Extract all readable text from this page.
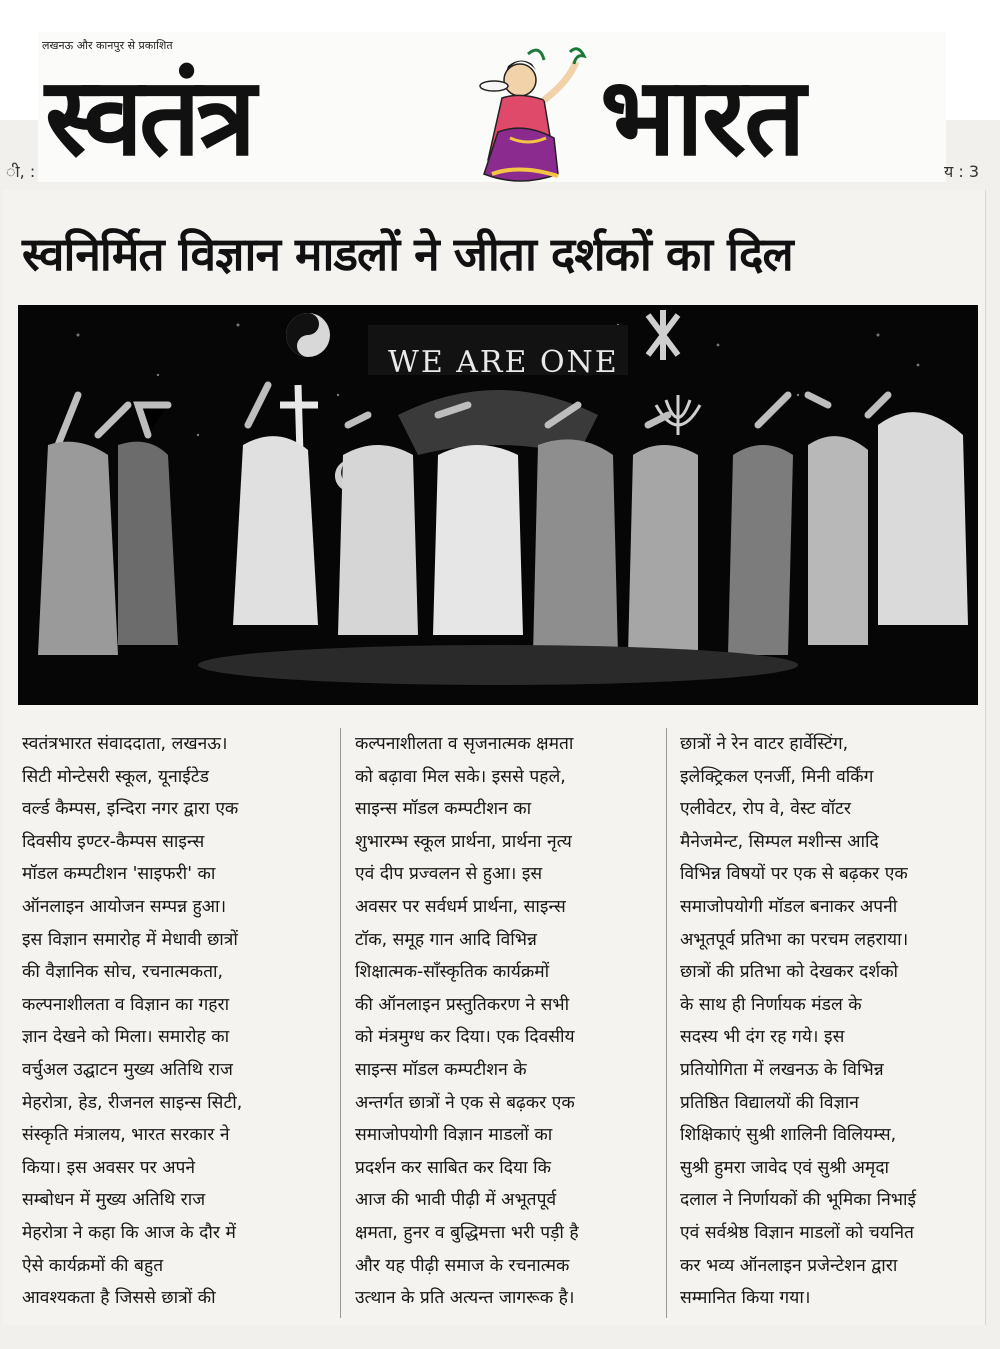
लखनऊ और कानपुर से प्रकाशित
स्वतंत्र	भारत
ी, :	य : 3
स्वनिर्मित विज्ञान माडलों ने जीता दर्शकों का दिल
WE ARE ONE
स्वतंत्रभारत संवाददाता, लखनऊ।
सिटी मोन्टेसरी स्कूल, यूनाईटेड
वर्ल्ड कैम्पस, इन्दिरा नगर द्वारा एक
दिवसीय इण्टर-कैम्पस साइन्स
मॉडल कम्पटीशन 'साइफरी' का
ऑनलाइन आयोजन सम्पन्न हुआ।
इस विज्ञान समारोह में मेधावी छात्रों
की वैज्ञानिक सोच, रचनात्मकता,
कल्पनाशीलता व विज्ञान का गहरा
ज्ञान देखने को मिला। समारोह का
वर्चुअल उद्घाटन मुख्य अतिथि राज
मेहरोत्रा, हेड, रीजनल साइन्स सिटी,
संस्कृति मंत्रालय, भारत सरकार ने
किया। इस अवसर पर अपने
सम्बोधन में मुख्य अतिथि राज
मेहरोत्रा ने कहा कि आज के दौर में
ऐसे कार्यक्रमों की बहुत
आवश्यकता है जिससे छात्रों की
कल्पनाशीलता व सृजनात्मक क्षमता
को बढ़ावा मिल सके। इससे पहले,
साइन्स मॉडल कम्पटीशन का
शुभारम्भ स्कूल प्रार्थना, प्रार्थना नृत्य
एवं दीप प्रज्वलन से हुआ। इस
अवसर पर सर्वधर्म प्रार्थना, साइन्स
टॉक, समूह गान आदि विभिन्न
शिक्षात्मक-साँस्कृतिक कार्यक्रमों
की ऑनलाइन प्रस्तुतिकरण ने सभी
को मंत्रमुग्ध कर दिया। एक दिवसीय
साइन्स मॉडल कम्पटीशन के
अन्तर्गत छात्रों ने एक से बढ़कर एक
समाजोपयोगी विज्ञान माडलों का
प्रदर्शन कर साबित कर दिया कि
आज की भावी पीढ़ी में अभूतपूर्व
क्षमता, हुनर व बुद्धिमत्ता भरी पड़ी है
और यह पीढ़ी समाज के रचनात्मक
उत्थान के प्रति अत्यन्त जागरूक है।
छात्रों ने रेन वाटर हार्वेस्टिंग,
इलेक्ट्रिकल एनर्जी, मिनी वर्किंग
एलीवेटर, रोप वे, वेस्ट वॉटर
मैनेजमेन्ट, सिम्पल मशीन्स आदि
विभिन्न विषयों पर एक से बढ़कर एक
समाजोपयोगी मॉडल बनाकर अपनी
अभूतपूर्व प्रतिभा का परचम लहराया।
छात्रों की प्रतिभा को देखकर दर्शको
के साथ ही निर्णायक मंडल के
सदस्य भी दंग रह गये। इस
प्रतियोगिता में लखनऊ के विभिन्न
प्रतिष्ठित विद्यालयों की विज्ञान
शिक्षिकाएं सुश्री शालिनी विलियम्स,
सुश्री हुमरा जावेद एवं सुश्री अमृदा
दलाल ने निर्णायकों की भूमिका निभाई
एवं सर्वश्रेष्ठ विज्ञान माडलों को चयनित
कर भव्य ऑनलाइन प्रजेन्टेशन द्वारा
सम्मानित किया गया।
